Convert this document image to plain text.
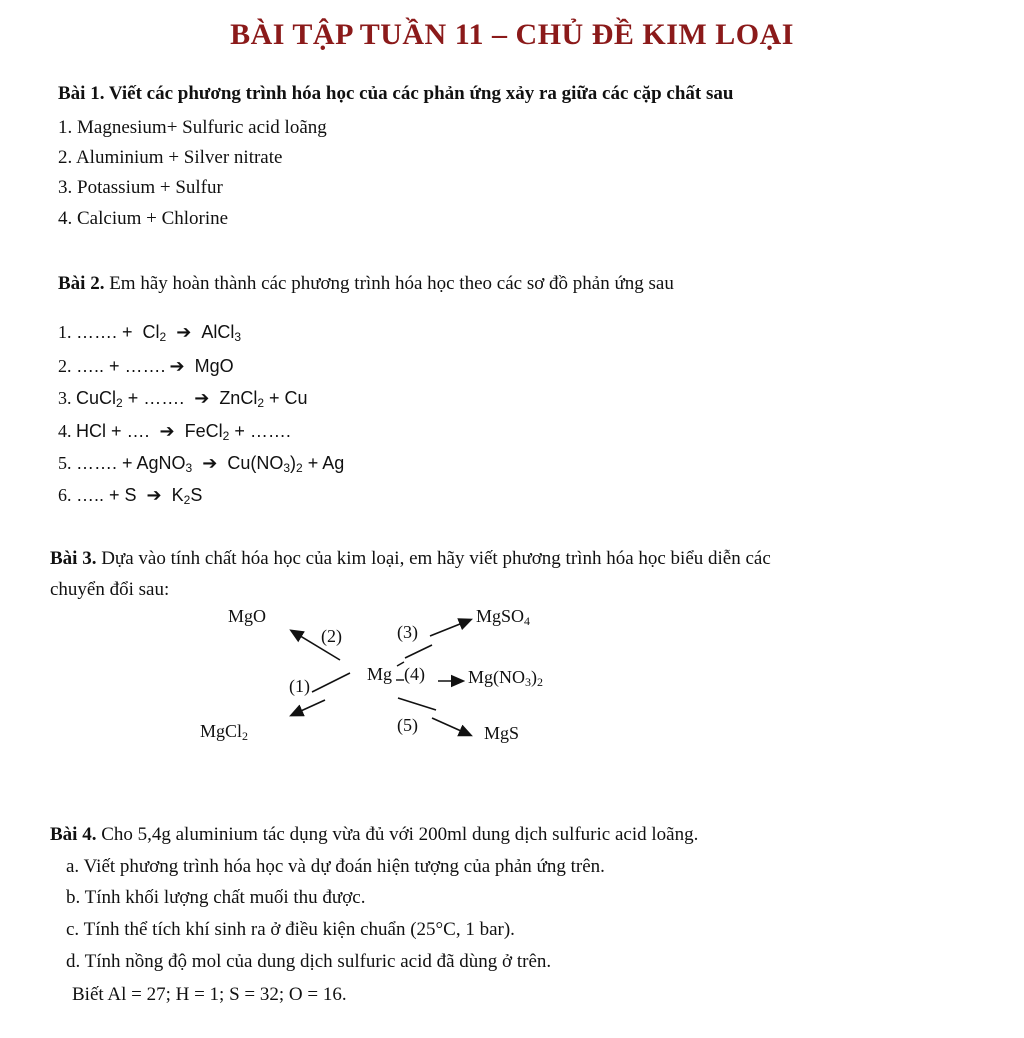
BÀI TẬP TUẦN 11 – CHỦ ĐỀ KIM LOẠI
Bài 1. Viết các phương trình hóa học của các phản ứng xảy ra giữa các cặp chất sau
1. Magnesium+ Sulfuric acid loãng
2. Aluminium + Silver nitrate
3. Potassium + Sulfur
4. Calcium + Chlorine
Bài 2. Em hãy hoàn thành các phương trình hóa học theo các sơ đồ phản ứng sau
1. ……. + $Cl_2$ ➔ AlCl$_3$
2. ….. + ……. ➔ MgO
3. CuCl$_2$ + ……. ➔ ZnCl$_2$ + Cu
4. HCl + …. ➔ FeCl$_2$ + …….
5. ……. + AgNO$_3$ ➔ $Cu(NO_3)_2 + Ag$
6. ….. + S ➔ $K_2S$
Bài 3. Dựa vào tính chất hóa học của kim loại, em hãy viết phương trình hóa học biểu diễn các
chuyển đổi sau:
MgO
MgCl$_2$
Mg
MgSO$_4$
$Mg(NO_3)_2$
MgS
(1)
(2)	(3)
(4)
(5)
Bài 4. Cho 5,4g aluminium tác dụng vừa đủ với 200ml dung dịch sulfuric acid loãng.
a. Viết phương trình hóa học và dự đoán hiện tượng của phản ứng trên.
b. Tính khối lượng chất muối thu được.
c. Tính thể tích khí sinh ra ở điều kiện chuẩn (25°C, 1 bar).
d. Tính nồng độ mol của dung dịch sulfuric acid đã dùng ở trên.
Biết Al = 27; H = 1; S = 32; O = 16.
